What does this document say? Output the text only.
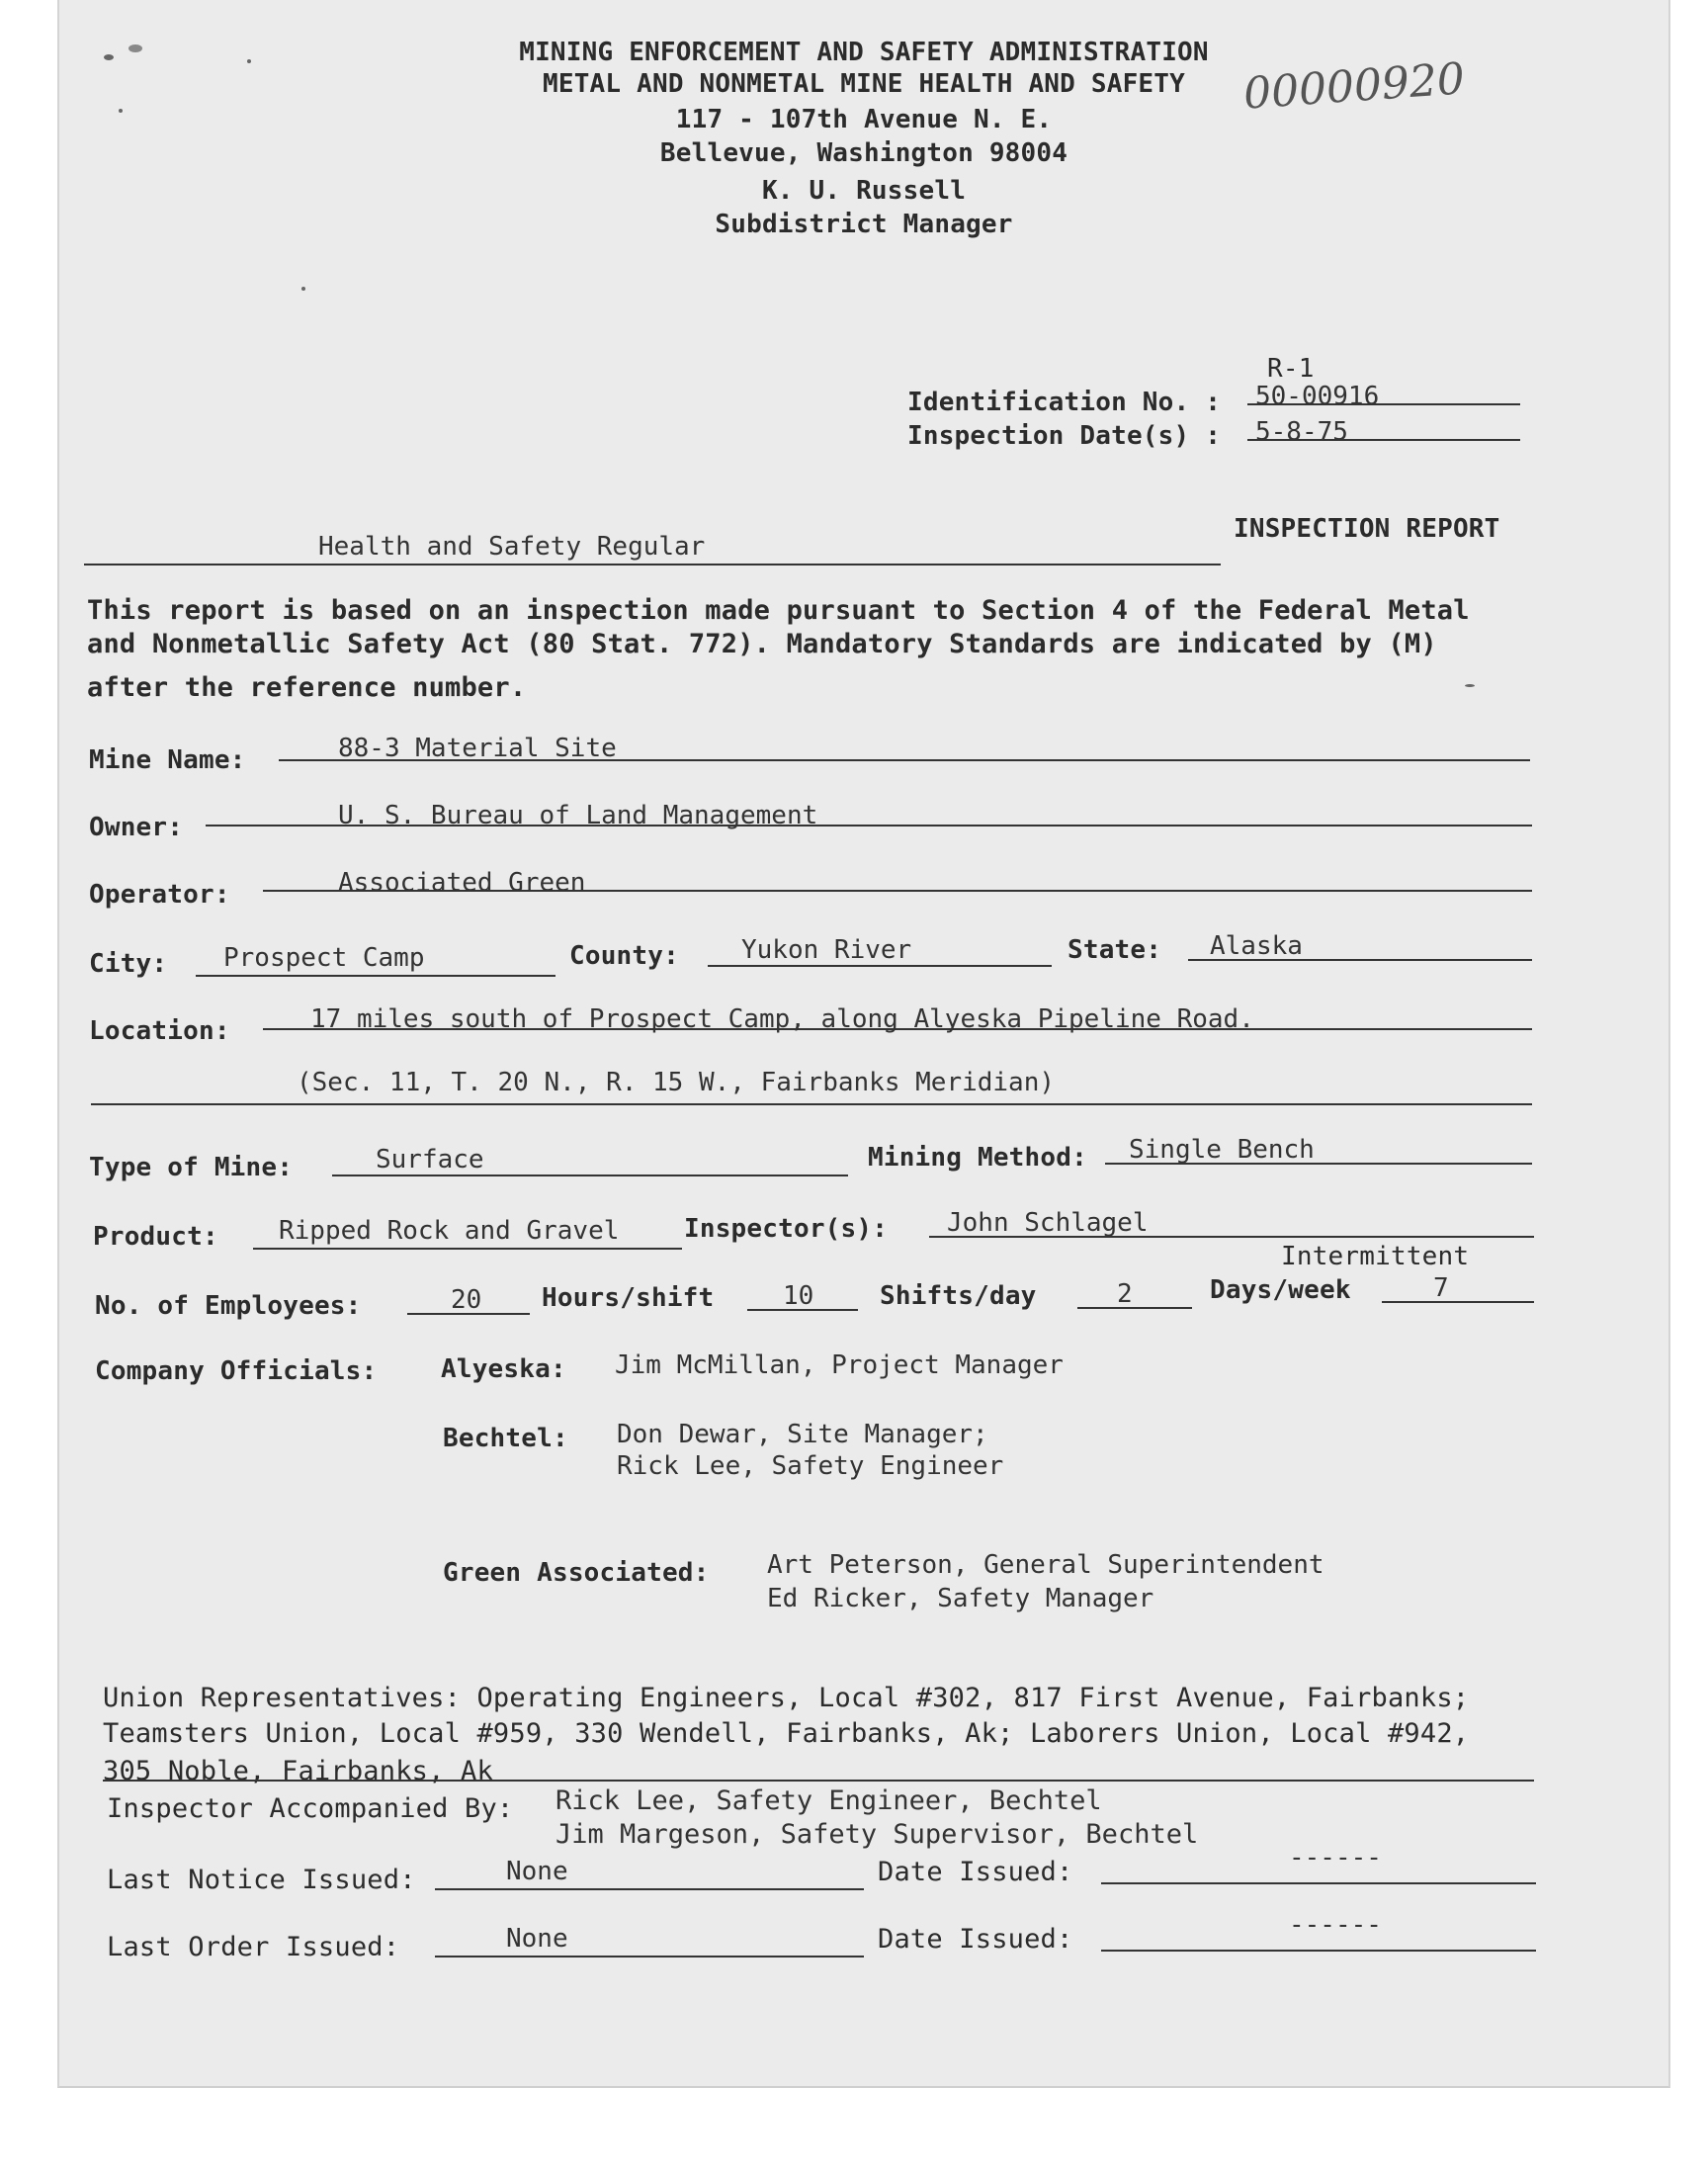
MINING ENFORCEMENT AND SAFETY ADMINISTRATION
METAL AND NONMETAL MINE HEALTH AND SAFETY
117 - 107th Avenue N. E.
Bellevue, Washington 98004
K. U. Russell
Subdistrict Manager
00000920
R-1
Identification No. : 50-00916
Inspection Date(s) : 5-8-75
Health and Safety Regular
INSPECTION REPORT
This report is based on an inspection made pursuant to Section 4 of the Federal Metal
and Nonmetallic Safety Act (80 Stat. 772). Mandatory Standards are indicated by (M)
after the reference number.
Mine Name:	88-3 Material Site
Owner:	U. S. Bureau of Land Management
Operator:	Associated Green
City: Prospect Camp	County: Yukon River	State: Alaska
Location:	17 miles south of Prospect Camp, along Alyeska Pipeline Road.
(Sec. 11, T. 20 N., R. 15 W., Fairbanks Meridian)
Type of Mine:	Surface	Mining Method: Single Bench
Product: Ripped Rock and Gravel	Inspector(s): John Schlagel
Intermittent
No. of Employees:	20 Hours/shift	10	Shifts/day	2	Days/week	7
Company Officials: Alyeska: Jim McMillan, Project Manager
Bechtel: Don Dewar, Site Manager;
Rick Lee, Safety Engineer
Green Associated: Art Peterson, General Superintendent
Ed Ricker, Safety Manager
Union Representatives: Operating Engineers, Local #302, 817 First Avenue, Fairbanks;
Teamsters Union, Local #959, 330 Wendell, Fairbanks, Ak; Laborers Union, Local #942,
305 Noble, Fairbanks, Ak
Inspector Accompanied By: Rick Lee, Safety Engineer, Bechtel
Jim Margeson, Safety Supervisor, Bechtel
Last Notice Issued:	None	Date Issued:	------
Last Order Issued:	None	Date Issued:	------
